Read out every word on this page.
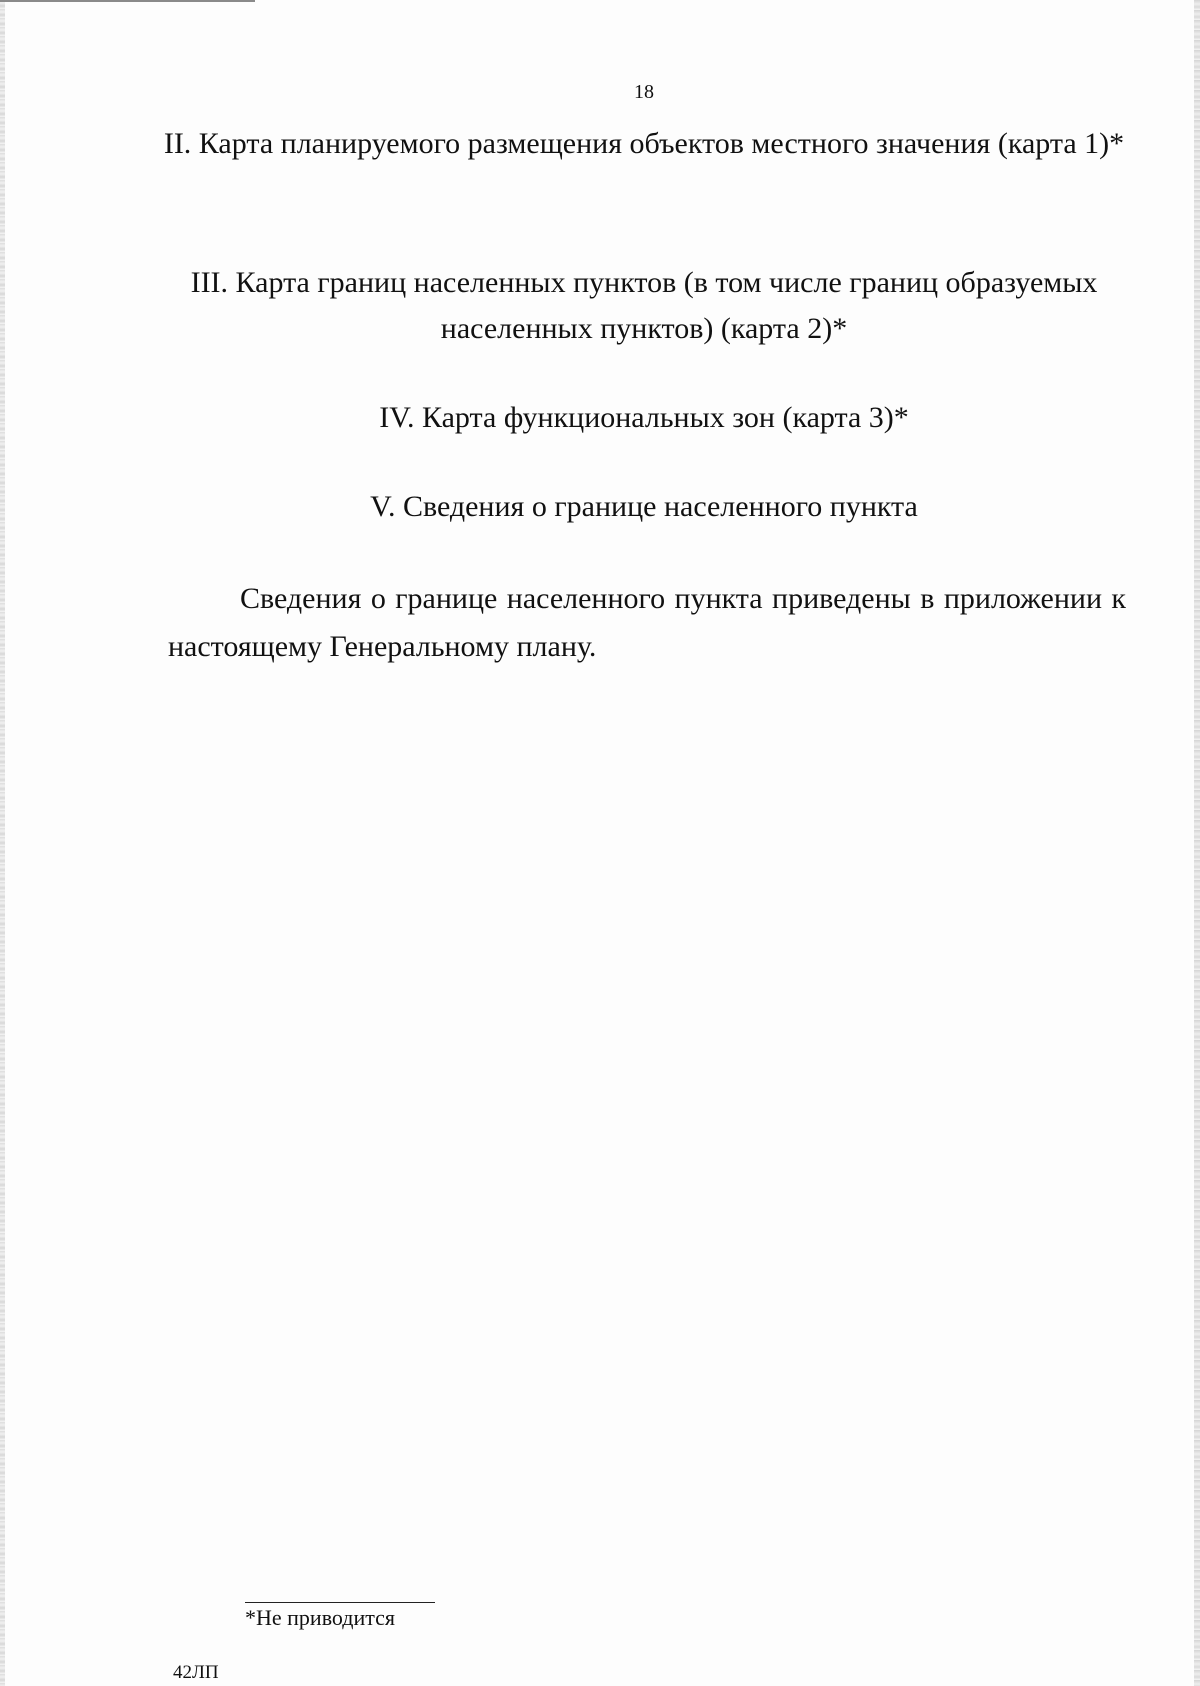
18
II. Карта планируемого размещения объектов местного значения (карта 1)*
III. Карта границ населенных пунктов (в том числе границ образуемых населенных пунктов) (карта 2)*
IV. Карта функциональных зон (карта 3)*
V. Сведения о границе населенного пункта

Сведения о границе населенного пункта приведены в приложении к настоящему Генеральному плану.

*Не приводится

42ЛП
